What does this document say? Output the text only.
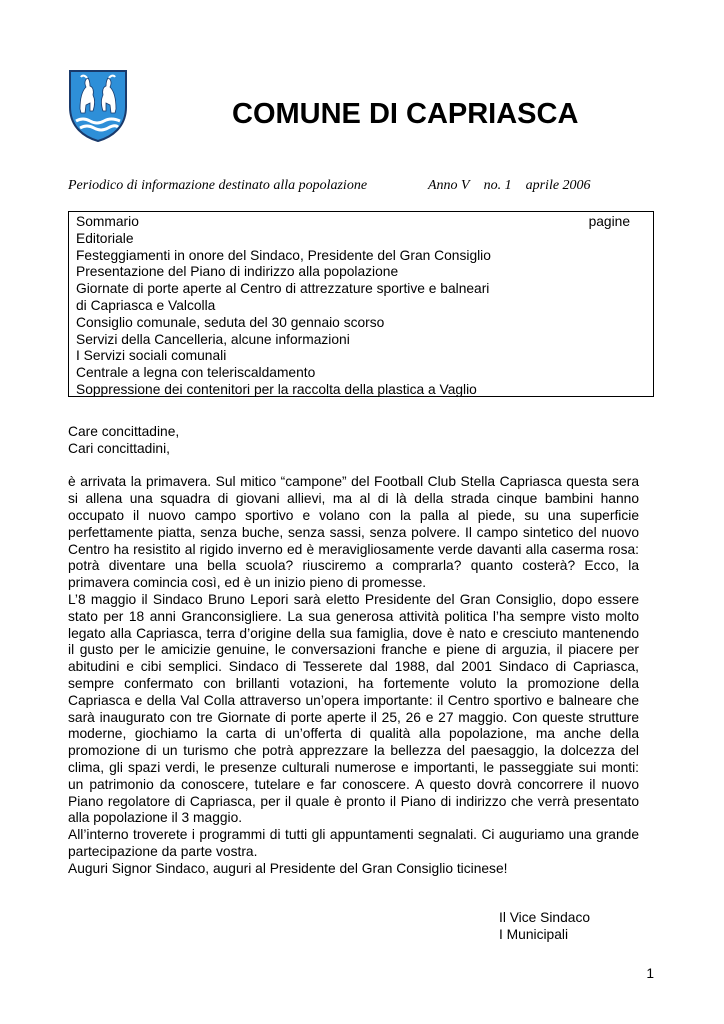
COMUNE DI CAPRIASCA
Periodico di informazione destinato alla popolazione	Anno V no. 1 aprile 2006
Sommario	pagine
Editoriale
Festeggiamenti in onore del Sindaco, Presidente del Gran Consiglio
Presentazione del Piano di indirizzo alla popolazione
Giornate di porte aperte al Centro di attrezzature sportive e balneari
di Capriasca e Valcolla
Consiglio comunale, seduta del 30 gennaio scorso
Servizi della Cancelleria, alcune informazioni
I Servizi sociali comunali
Centrale a legna con teleriscaldamento
Soppressione dei contenitori per la raccolta della plastica a Vaglio

Care concittadine,

Cari concittadini,

è arrivata la primavera. Sul mitico “campone” del Football Club Stella Capriasca questa sera si allena una squadra di giovani allievi, ma al di là della strada cinque bambini hanno occupato il nuovo campo sportivo e volano con la palla al piede, su una superficie perfettamente piatta, senza buche, senza sassi, senza polvere. Il campo sintetico del nuovo Centro ha resistito al rigido inverno ed è meravigliosamente verde davanti alla caserma rosa: potrà diventare una bella scuola? riusciremo a comprarla? quanto costerà? Ecco, la primavera comincia così, ed è un inizio pieno di promesse.

L’8 maggio il Sindaco Bruno Lepori sarà eletto Presidente del Gran Consiglio, dopo essere stato per 18 anni Granconsigliere. La sua generosa attività politica l’ha sempre visto molto legato alla Capriasca, terra d’origine della sua famiglia, dove è nato e cresciuto mantenendo il gusto per le amicizie genuine, le conversazioni franche e piene di arguzia, il piacere per abitudini e cibi semplici. Sindaco di Tesserete dal 1988, dal 2001 Sindaco di Capriasca, sempre confermato con brillanti votazioni, ha fortemente voluto la promozione della Capriasca e della Val Colla attraverso un’opera importante: il Centro sportivo e balneare che sarà inaugurato con tre Giornate di porte aperte il 25, 26 e 27 maggio. Con queste strutture moderne, giochiamo la carta di un’offerta di qualità alla popolazione, ma anche della promozione di un turismo che potrà apprezzare la bellezza del paesaggio, la dolcezza del clima, gli spazi verdi, le presenze culturali numerose e importanti, le passeggiate sui monti: un patrimonio da conoscere, tutelare e far conoscere. A questo dovrà concorrere il nuovo Piano regolatore di Capriasca, per il quale è pronto il Piano di indirizzo che verrà presentato alla popolazione il 3 maggio.

All’interno troverete i programmi di tutti gli appuntamenti segnalati. Ci auguriamo una grande partecipazione da parte vostra.

Auguri Signor Sindaco, auguri al Presidente del Gran Consiglio ticinese!

Il Vice Sindaco
I Municipali
1
